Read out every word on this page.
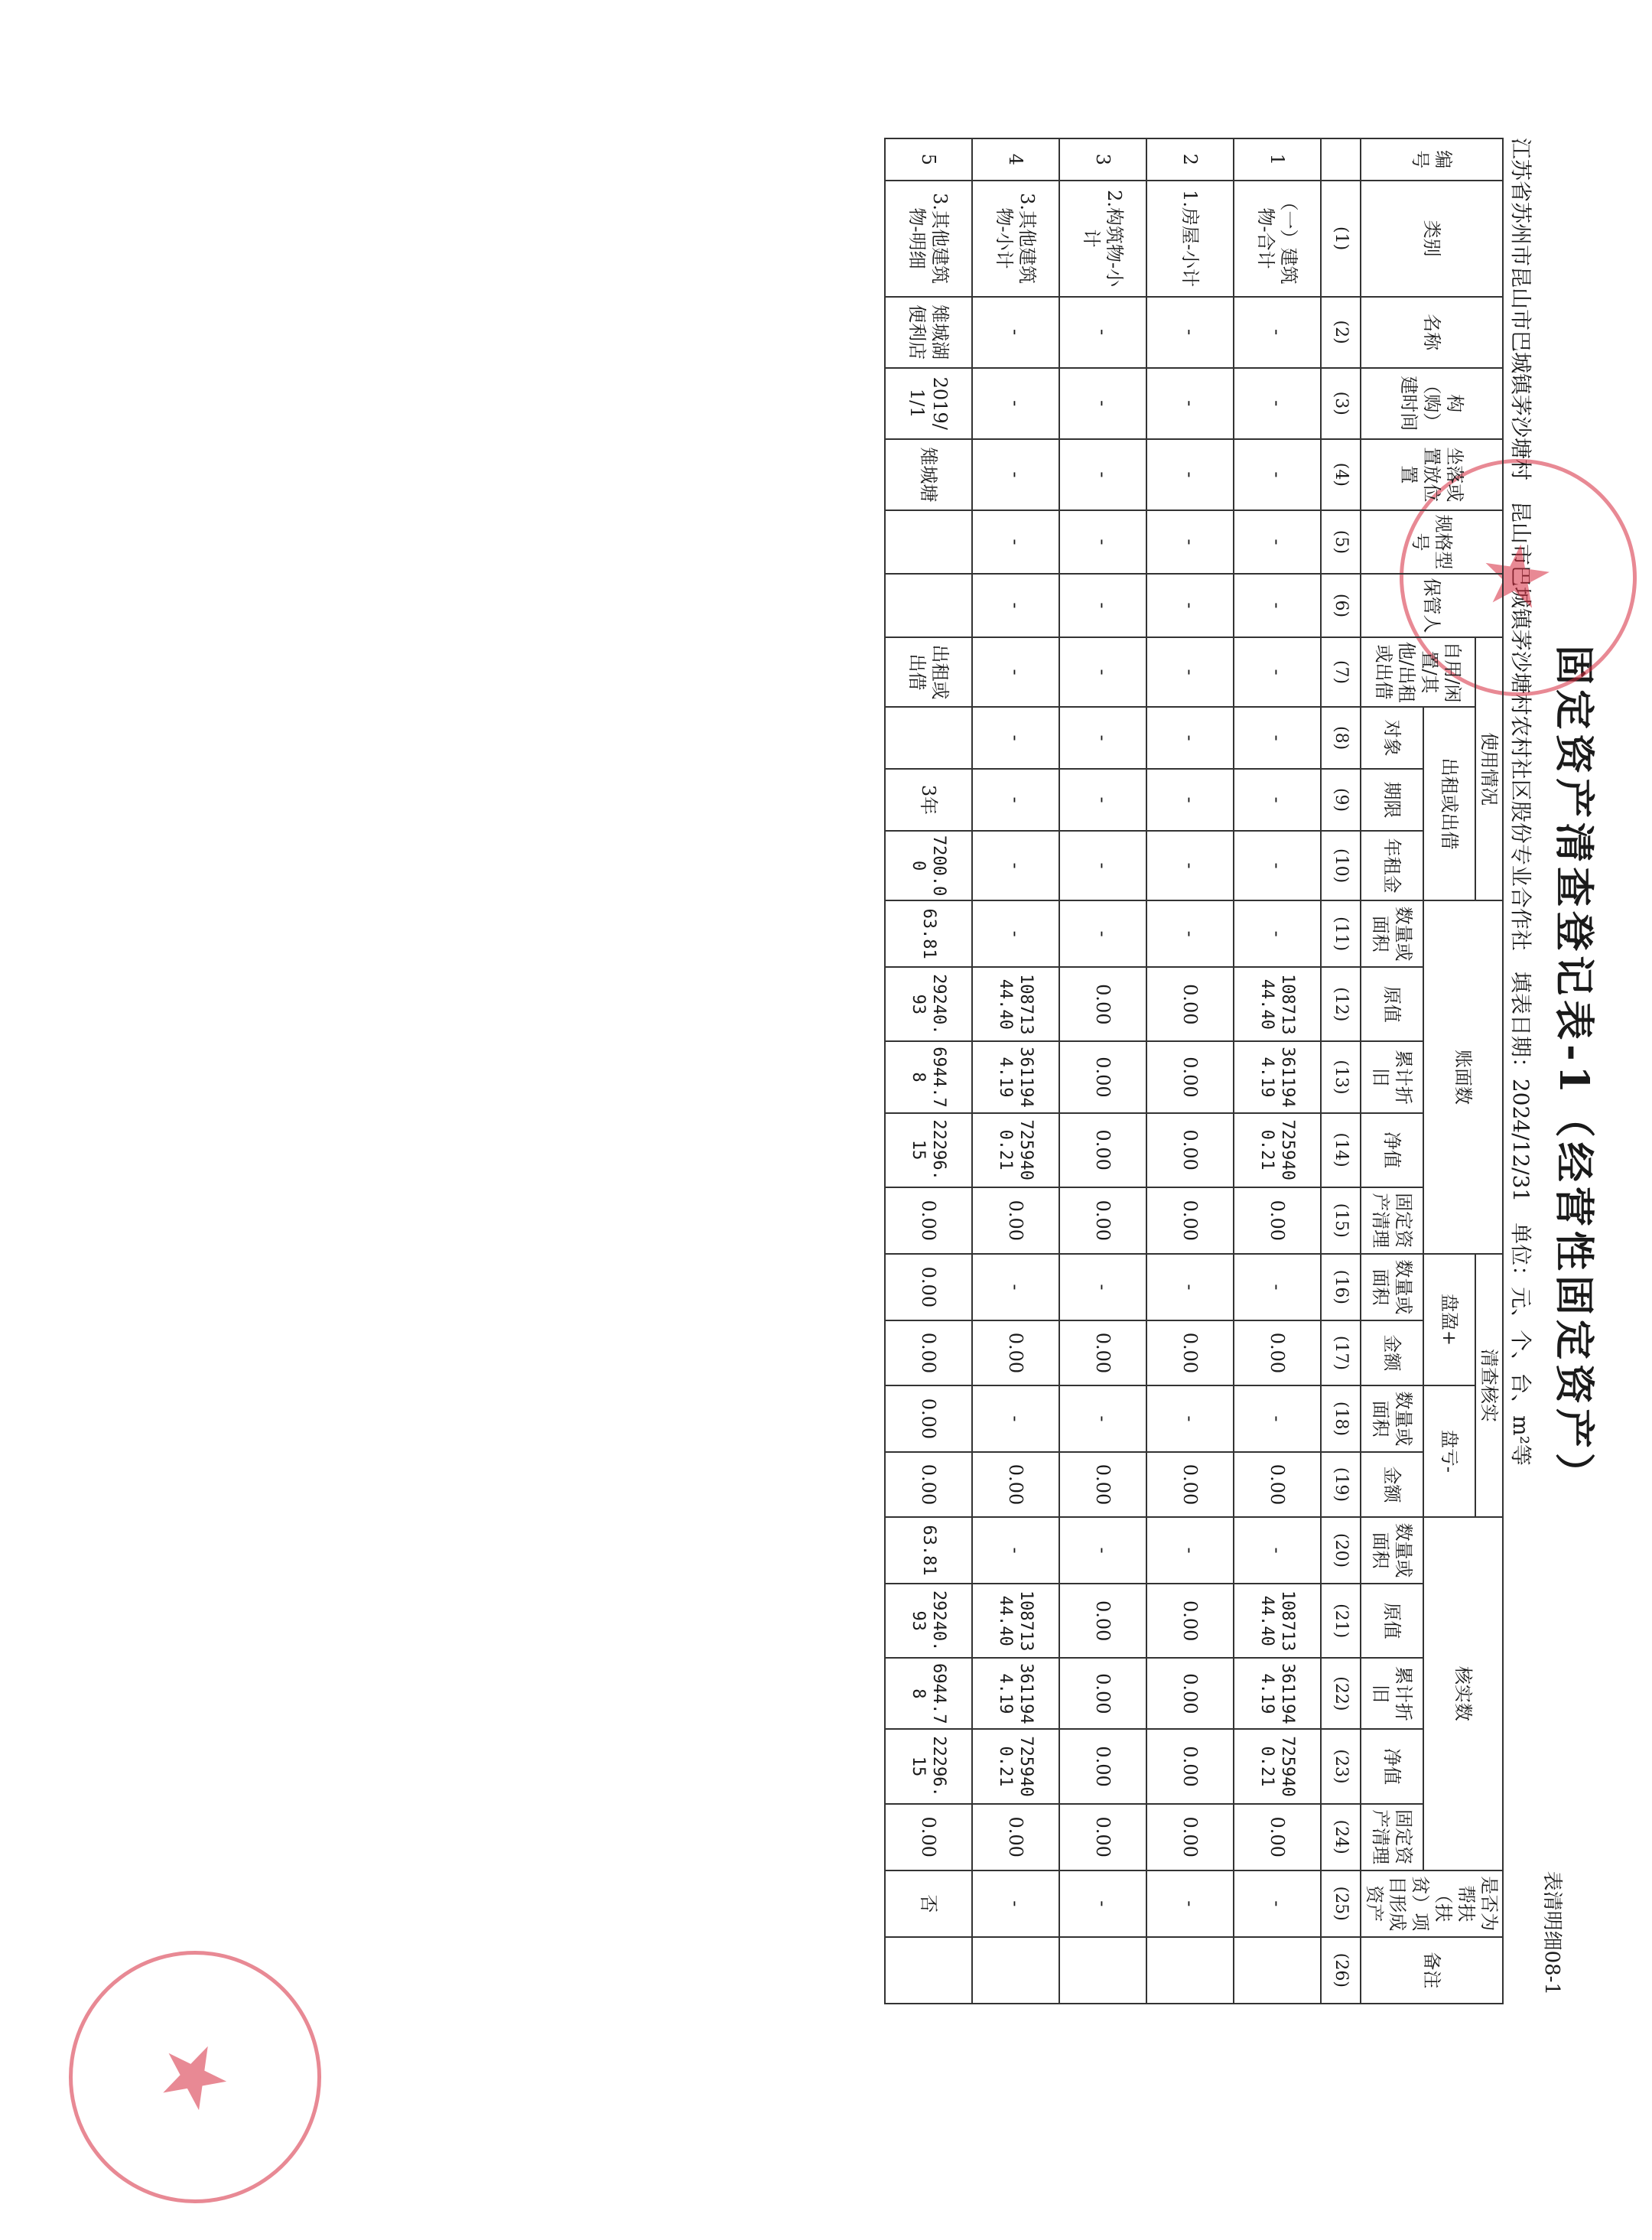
固定资产清查登记表-1（经营性固定资产）
表清明细08-1
江苏省苏州市昆山市巴城镇茅沙塘村 昆山市巴城镇茅沙塘村农村社区股份专业合作社 填表日期：2024/12/31 单位：元、个、台、m²等
★
★
编号	类别	名称	构（购）建时间	坐落或置放位置	规格型号	保管人	使用情况				账面数					清查核实				核实数					是否为帮扶（扶贫）项目形成资产	备注
							自用/闲置/其他/出租或出借	出租或出借								盘盈+		盘亏-								
								对象	期限	年租金	数量或面积	原值	累计折旧	净值	固定资产清理	数量或面积	金额	数量或面积	金额	数量或面积	原值	累计折旧	净值	固定资产清理		
	(1)	(2)	(3)	(4)	(5)	(6)	(7)	(8)	(9)	(10)	(11)	(12)	(13)	(14)	(15)	(16)	(17)	(18)	(19)	(20)	(21)	(22)	(23)	(24)	(25)	(26)
1	（一）建筑物-合计	-	-	-	-	-	-	-	-	-	-	10871344.40	3611944.19	7259400.21	0.00	-	0.00	-	0.00	-	10871344.40	3611944.19	7259400.21	0.00	-	
2	1.房屋-小计	-	-	-	-	-	-	-	-	-	-	0.00	0.00	0.00	0.00	-	0.00	-	0.00	-	0.00	0.00	0.00	0.00	-	
3	2.构筑物-小计	-	-	-	-	-	-	-	-	-	-	0.00	0.00	0.00	0.00	-	0.00	-	0.00	-	0.00	0.00	0.00	0.00	-	
4	3.其他建筑物-小计	-	-	-	-	-	-	-	-	-	-	10871344.40	3611944.19	7259400.21	0.00	-	0.00	-	0.00	-	10871344.40	3611944.19	7259400.21	0.00	-	
5	3.其他建筑物-明细	雉城湖便利店	2019/1/1	雉城塘			出租或出借		3年	7200.00	63.81	29240.93	6944.78	22296.15	0.00	0.00	0.00	0.00	0.00	63.81	29240.93	6944.78	22296.15	0.00	否	
